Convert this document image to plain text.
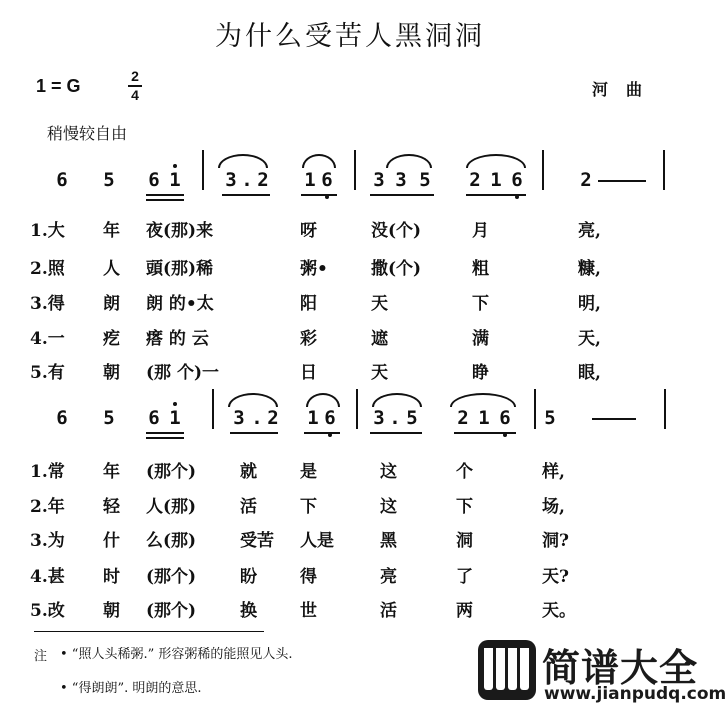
为什么受苦人黑洞洞
1 = G	2
4	河曲
稍慢较自由
6 5 6 1 3 . 2 1 6 3 3 5 2 1 6	2
1.大 年 夜(那)来	呀	没(个)	月	亮,
2.照 人 頭(那)稀	粥•	撒(个)	粗	糠,
3.得 朗 朗 的•太	阳	天	下	明,
4.一 疙 瘩 的 云	彩	遮	满	天,
5.有 朝 (那 个)一	日	天	睁	眼,
6 5 6 1	3 . 2 1 6 3 . 5 2 1 6 5
1.常 年 (那个)	就	是	这	个	样,
2.年 轻 人(那)	活	下	这	下	场,
3.为 什 么(那)	受苦 人是	黑	洞	洞?
4.甚 时 (那个)	盼	得	亮	了	天?
5.改 朝 (那个)	换	世	活	两	天。
注 • “照人头稀粥.” 形容粥稀的能照见人头.
• “得朗朗”. 明朗的意思.	简谱大全
www.jianpudq.com
